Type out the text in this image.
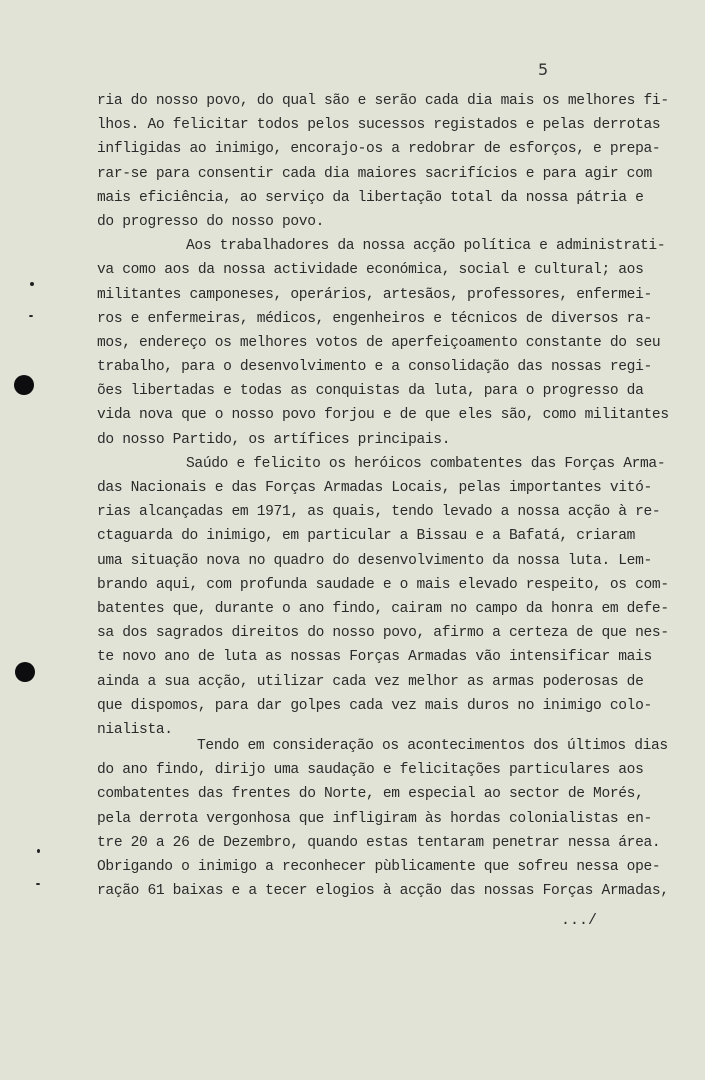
5
ria do nosso povo, do qual são e serão cada dia mais os melhores fi-
lhos. Ao felicitar todos pelos sucessos registados e pelas derrotas
infligidas ao inimigo, encorajo-os a redobrar de esforços, e prepa-
rar-se para consentir cada dia maiores sacrifícios e para agir com
mais eficiência, ao serviço da libertação total da nossa pátria e
do progresso do nosso povo.
Aos trabalhadores da nossa acção política e administrati-
va como aos da nossa actividade económica, social e cultural; aos
militantes camponeses, operários, artesãos, professores, enfermei-
ros e enfermeiras, médicos, engenheiros e técnicos de diversos ra-
mos, endereço os melhores votos de aperfeiçoamento constante do seu
trabalho, para o desenvolvimento e a consolidação das nossas regi-
ões libertadas e todas as conquistas da luta, para o progresso da
vida nova que o nosso povo forjou e de que eles são, como militantes
do nosso Partido, os artífices principais.
Saúdo e felicito os heróicos combatentes das Forças Arma-
das Nacionais e das Forças Armadas Locais, pelas importantes vitó-
rias alcançadas em 1971, as quais, tendo levado a nossa acção à re-
ctaguarda do inimigo, em particular a Bissau e a Bafatá, criaram
uma situação nova no quadro do desenvolvimento da nossa luta. Lem-
brando aqui, com profunda saudade e o mais elevado respeito, os com-
batentes que, durante o ano findo, cairam no campo da honra em defe-
sa dos sagrados direitos do nosso povo, afirmo a certeza de que nes-
te novo ano de luta as nossas Forças Armadas vão intensificar mais
ainda a sua acção, utilizar cada vez melhor as armas poderosas de
que dispomos, para dar golpes cada vez mais duros no inimigo colo-
nialista.
Tendo em consideração os acontecimentos dos últimos dias
do ano findo, dirijo uma saudação e felicitações particulares aos
combatentes das frentes do Norte, em especial ao sector de Morés,
pela derrota vergonhosa que infligiram às hordas colonialistas en-
tre 20 a 26 de Dezembro, quando estas tentaram penetrar nessa área.
Obrigando o inimigo a reconhecer pùblicamente que sofreu nessa ope-
ração 61 baixas e a tecer elogios à acção das nossas Forças Armadas,
.../
